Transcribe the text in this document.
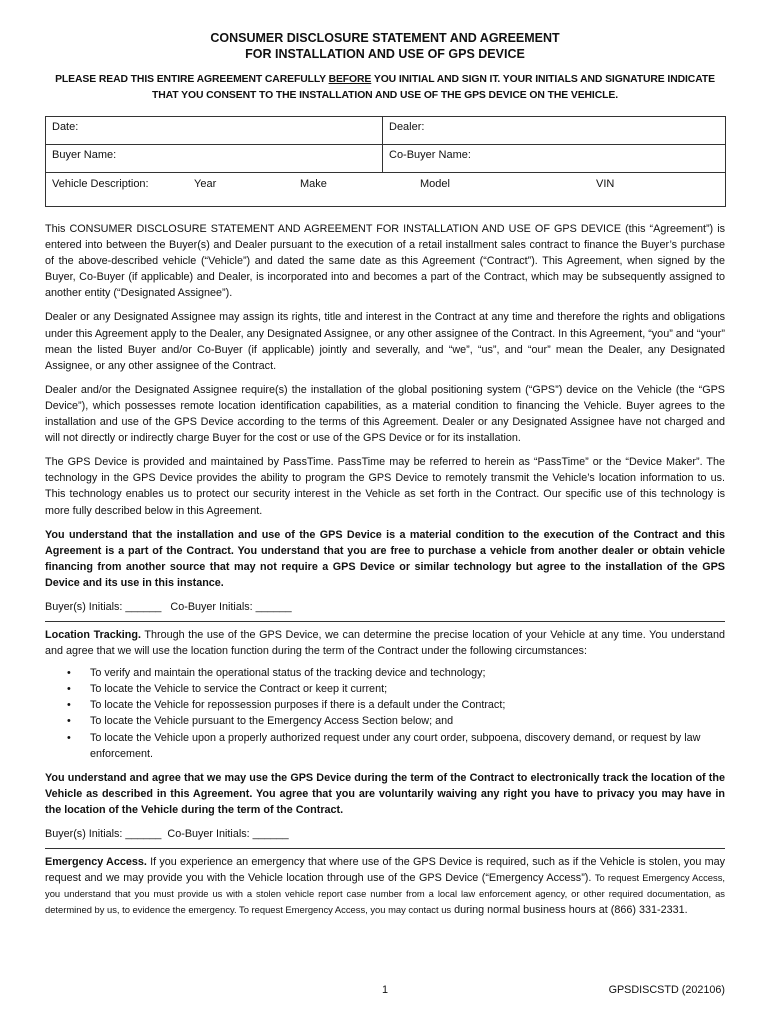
CONSUMER DISCLOSURE STATEMENT AND AGREEMENT
FOR INSTALLATION AND USE OF GPS DEVICE
PLEASE READ THIS ENTIRE AGREEMENT CAREFULLY BEFORE YOU INITIAL AND SIGN IT. YOUR INITIALS AND SIGNATURE INDICATE
THAT YOU CONSENT TO THE INSTALLATION AND USE OF THE GPS DEVICE ON THE VEHICLE.
Date:	Dealer:
Buyer Name:	Co-Buyer Name:

Vehicle Description: Year Make Model VIN	

This CONSUMER DISCLOSURE STATEMENT AND AGREEMENT FOR INSTALLATION AND USE OF GPS DEVICE (this “Agreement”) is entered into between the Buyer(s) and Dealer pursuant to the execution of a retail installment sales contract to finance the Buyer’s purchase of the above-described vehicle (“Vehicle”) and dated the same date as this Agreement (“Contract”). This Agreement, when signed by the Buyer, Co-Buyer (if applicable) and Dealer, is incorporated into and becomes a part of the Contract, which may be subsequently assigned to another entity (“Designated Assignee”).

Dealer or any Designated Assignee may assign its rights, title and interest in the Contract at any time and therefore the rights and obligations under this Agreement apply to the Dealer, any Designated Assignee, or any other assignee of the Contract. In this Agreement, “you” and “your” mean the listed Buyer and/or Co-Buyer (if applicable) jointly and severally, and “we”, “us”, and “our” mean the Dealer, any Designated Assignee, or any other assignee of the Contract.

Dealer and/or the Designated Assignee require(s) the installation of the global positioning system (“GPS”) device on the Vehicle (the “GPS Device”), which possesses remote location identification capabilities, as a material condition to financing the Vehicle. Buyer agrees to the installation and use of the GPS Device according to the terms of this Agreement. Dealer or any Designated Assignee have not charged and will not directly or indirectly charge Buyer for the cost or use of the GPS Device or for its installation.

The GPS Device is provided and maintained by PassTime. PassTime may be referred to herein as “PassTime” or the “Device Maker”. The technology in the GPS Device provides the ability to program the GPS Device to remotely transmit the Vehicle’s location information to us. This technology enables us to protect our security interest in the Vehicle as set forth in the Contract. Our specific use of this technology is more fully described below in this Agreement.

You understand that the installation and use of the GPS Device is a material condition to the execution of the Contract and this Agreement is a part of the Contract. You understand that you are free to purchase a vehicle from another dealer or obtain vehicle financing from another source that may not require a GPS Device or similar technology but agree to the installation of the GPS Device and its use in this instance.

Buyer(s) Initials: ______   Co-Buyer Initials: ______

Location Tracking. Through the use of the GPS Device, we can determine the precise location of your Vehicle at any time. You understand and agree that we will use the location function during the term of the Contract under the following circumstances:

• To verify and maintain the operational status of the tracking device and technology;
• To locate the Vehicle to service the Contract or keep it current;
• To locate the Vehicle for repossession purposes if there is a default under the Contract;
• To locate the Vehicle pursuant to the Emergency Access Section below; and
• To locate the Vehicle upon a properly authorized request under any court order, subpoena, discovery demand, or request by law enforcement.

You understand and agree that we may use the GPS Device during the term of the Contract to electronically track the location of the Vehicle as described in this Agreement. You agree that you are voluntarily waiving any right you have to privacy you may have in the location of the Vehicle during the term of the Contract.

Buyer(s) Initials: ______  Co-Buyer Initials: ______

Emergency Access. If you experience an emergency that where use of the GPS Device is required, such as if the Vehicle is stolen, you may request and we may provide you with the Vehicle location through use of the GPS Device (“Emergency Access”). To request Emergency Access, you understand that you must provide us with a stolen vehicle report case number from a local law enforcement agency, or other required documentation, as determined by us, to evidence the emergency. To request Emergency Access, you may contact us during normal business hours at (866) 331-2331.

1	GPSDISCSTD (202106)
